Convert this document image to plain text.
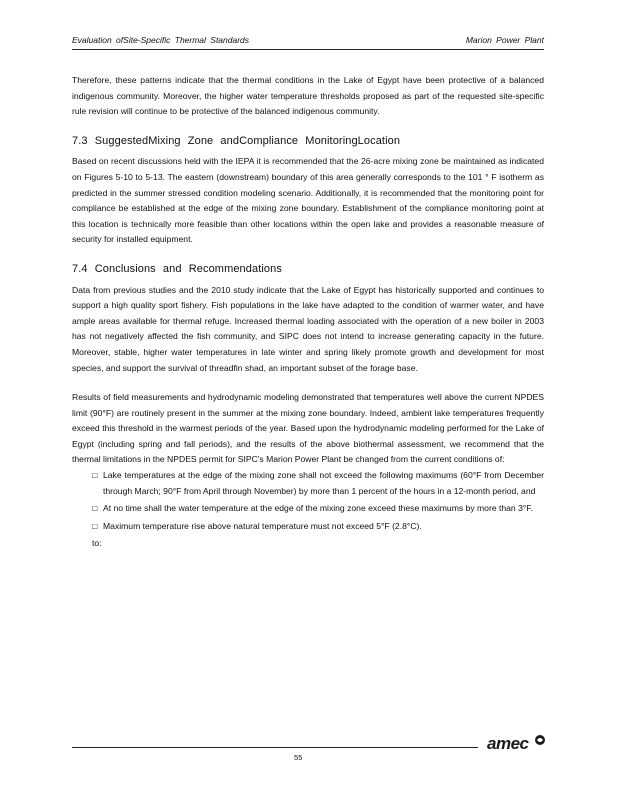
Evaluation ofSite-Specific Thermal Standards	Marion Power Plant

Therefore, these patterns indicate that the thermal conditions in the Lake of Egypt have been protective of a balanced indigenous community. Moreover, the higher water temperature thresholds proposed as part of the requested site-specific rule revision will continue to be protective of the balanced indigenous community.

7.3 SuggestedMixing Zone andCompliance MonitoringLocation

Based on recent discussions held with the IEPA it is recommended that the 26-acre mixing zone be maintained as indicated on Figures 5-10 to 5-13. The eastern (downstream) boundary of this area generally corresponds to the 101 ° F isotherm as predicted in the summer stressed condition modeling scenario. Additionally, it is recommended that the monitoring point for compliance be established at the edge of the mixing zone boundary. Establishment of the compliance monitoring point at this location is technically more feasible than other locations within the open lake and provides a reasonable measure of security for installed equipment.

7.4 Conclusions and Recommendations

Data from previous studies and the 2010 study indicate that the Lake of Egypt has historically supported and continues to support a high quality sport fishery. Fish populations in the lake have adapted to the condition of warmer water, and have ample areas available for thermal refuge. Increased thermal loading associated with the operation of a new boiler in 2003 has not negatively affected the fish community, and SIPC does not intend to increase generating capacity in the future. Moreover, stable, higher water temperatures in late winter and spring likely promote growth and development for most species, and support the survival of threadfin shad, an important subset of the forage base.

Results of field measurements and hydrodynamic modeling demonstrated that temperatures well above the current NPDES limit (90°F) are routinely present in the summer at the mixing zone boundary. Indeed, ambient lake temperatures frequently exceed this threshold in the warmest periods of the year. Based upon the hydrodynamic modeling performed for the Lake of Egypt (including spring and fall periods), and the results of the above biothermal assessment, we recommend that the thermal limitations in the NPDES permit for SIPC's Marion Power Plant be changed from the current conditions of:

□ Lake temperatures at the edge of the mixing zone shall not exceed the following maximums (60°F from December through March; 90°F from April through November) by more than 1 percent of the hours in a 12-month period, and
□ At no time shall the water temperature at the edge of the mixing zone exceed these maximums by more than 3°F.
□ Maximum temperature rise above natural temperature must not exceed 5°F (2.8°C).
to:
55
amec
